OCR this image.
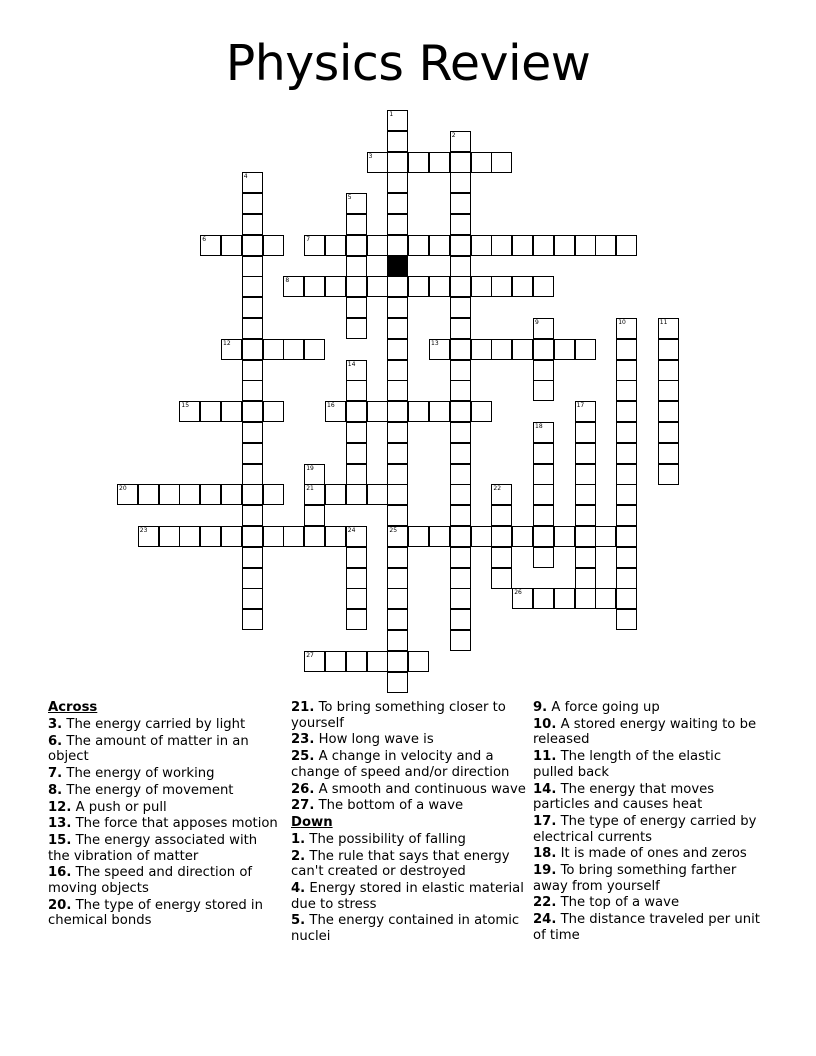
Physics Review
3
6	7
8
12	13
15	16
20	21
23	25
26
27
1
2
4
5
9	10	11
14
17
18
19
22
24

Across

3. The energy carried by light

6. The amount of matter in an object

7. The energy of working

8. The energy of movement

12. A push or pull

13. The force that apposes motion

15. The energy associated with the vibration of matter

16. The speed and direction of moving objects

20. The type of energy stored in chemical bonds

21. To bring something closer to yourself

23. How long wave is

25. A change in velocity and a change of speed and/or direction

26. A smooth and continuous wave

27. The bottom of a wave

Down

1. The possibility of falling

2. The rule that says that energy can't created or destroyed

4. Energy stored in elastic material due to stress

5. The energy contained in atomic nuclei

9. A force going up

10. A stored energy waiting to be released

11. The length of the elastic pulled back

14. The energy that moves particles and causes heat

17. The type of energy carried by electrical currents

18. It is made of ones and zeros

19. To bring something farther away from yourself

22. The top of a wave

24. The distance traveled per unit of time
